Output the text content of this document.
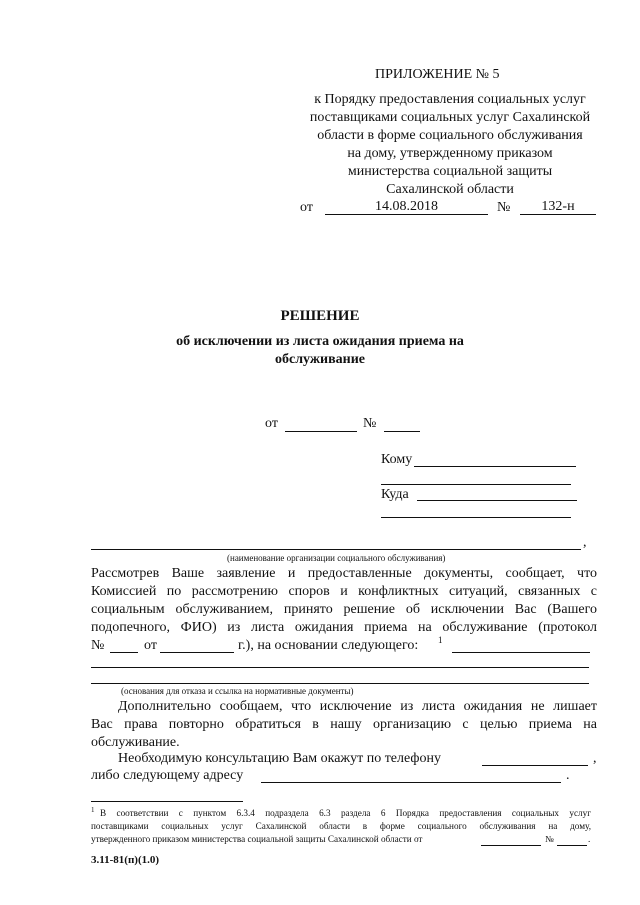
ПРИЛОЖЕНИЕ № 5
к Порядку предоставления социальных услуг
поставщиками социальных услуг Сахалинской
области в форме социального обслуживания
на дому, утвержденному приказом
министерства социальной защиты
Сахалинской области
от	14.08.2018	№	132-н
РЕШЕНИЕ
об исключении из листа ожидания приема на
обслуживание
от	№
Кому
Куда
,
(наименование организации социального обслуживания)
Рассмотрев Ваше заявление и предоставленные документы, сообщает, что
Комиссией по рассмотрению споров и конфликтных ситуаций, связанных с
социальным обслуживанием, принято решение об исключении Вас (Вашего
подопечного, ФИО) из листа ожидания приема на обслуживание (протокол
№	от	г.), на основании следующего: 1
(основания для отказа и ссылка на нормативные документы)
Дополнительно сообщаем, что исключение из листа ожидания не лишает
Вас права повторно обратиться в нашу организацию с целью приема на
обслуживание.
Необходимую консультацию Вам окажут по телефону	,
либо следующему адресу	.
1 В соответствии с пунктом 6.3.4 подраздела 6.3 раздела 6 Порядка предоставления социальных услуг
поставщиками социальных услуг Сахалинской области в форме социального обслуживания на дому,
утвержденного приказом министерства социальной защиты Сахалинской области от	№	.
3.11-81(п)(1.0)
